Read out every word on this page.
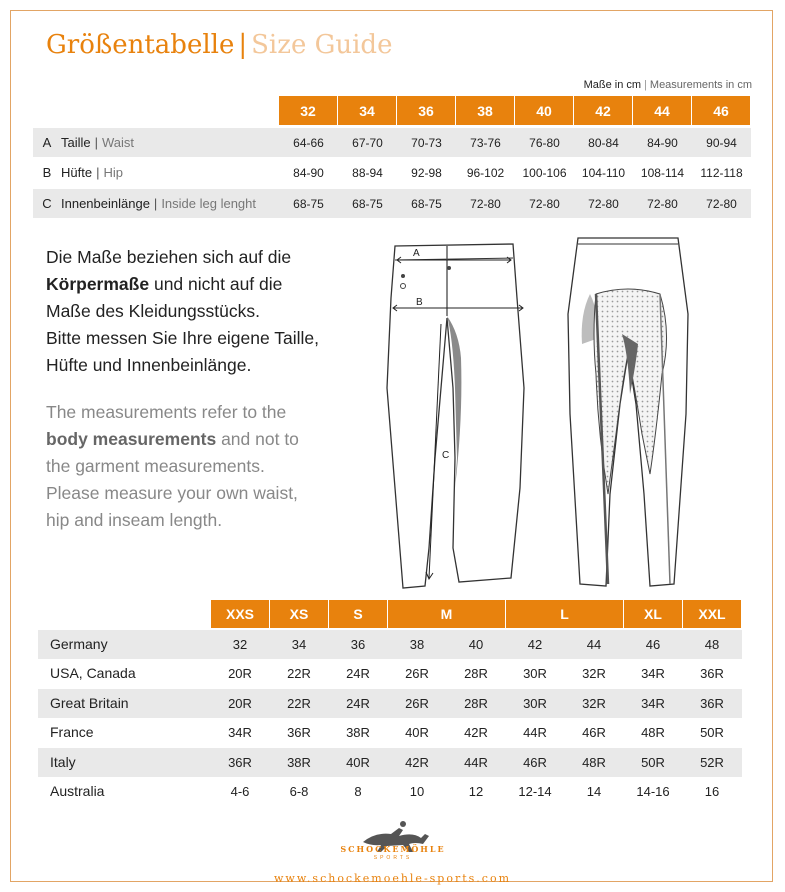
Größentabelle | Size Guide
Maße in cm | Measurements in cm
32	34	36	38	40	42	44	46
A Taille | Waist	64-66	67-70	70-73	73-76	76-80	80-84	84-90	90-94
B Hüfte | Hip	84-90	88-94	92-98	96-102	100-106	104-110	108-114	112-118
C Innenbeinlänge | Inside leg lenght	68-75	68-75	68-75	72-80	72-80	72-80	72-80	72-80
Die Maße beziehen sich auf die
Körpermaße und nicht auf die
Maße des Kleidungsstücks.
Bitte messen Sie Ihre eigene Taille,
Hüfte und Innenbeinlänge.
The measurements refer to the
body measurements and not to
the garment measurements.
Please measure your own waist,
hip and inseam length.
A
B
C
XXS	XS	S	M	L	XL	XXL
Germany	32	34	36	38	40	42	44	46	48
USA, Canada	20R	22R	24R	26R	28R	30R	32R	34R	36R
Great Britain	20R	22R	24R	26R	28R	30R	32R	34R	36R
France	34R	36R	38R	40R	42R	44R	46R	48R	50R
Italy	36R	38R	40R	42R	44R	46R	48R	50R	52R
Australia	4-6	6-8	8	10	12	12-14	14	14-16	16
SCHOCKEMÖHLE
SPORTS
www.schockemoehle-sports.com
